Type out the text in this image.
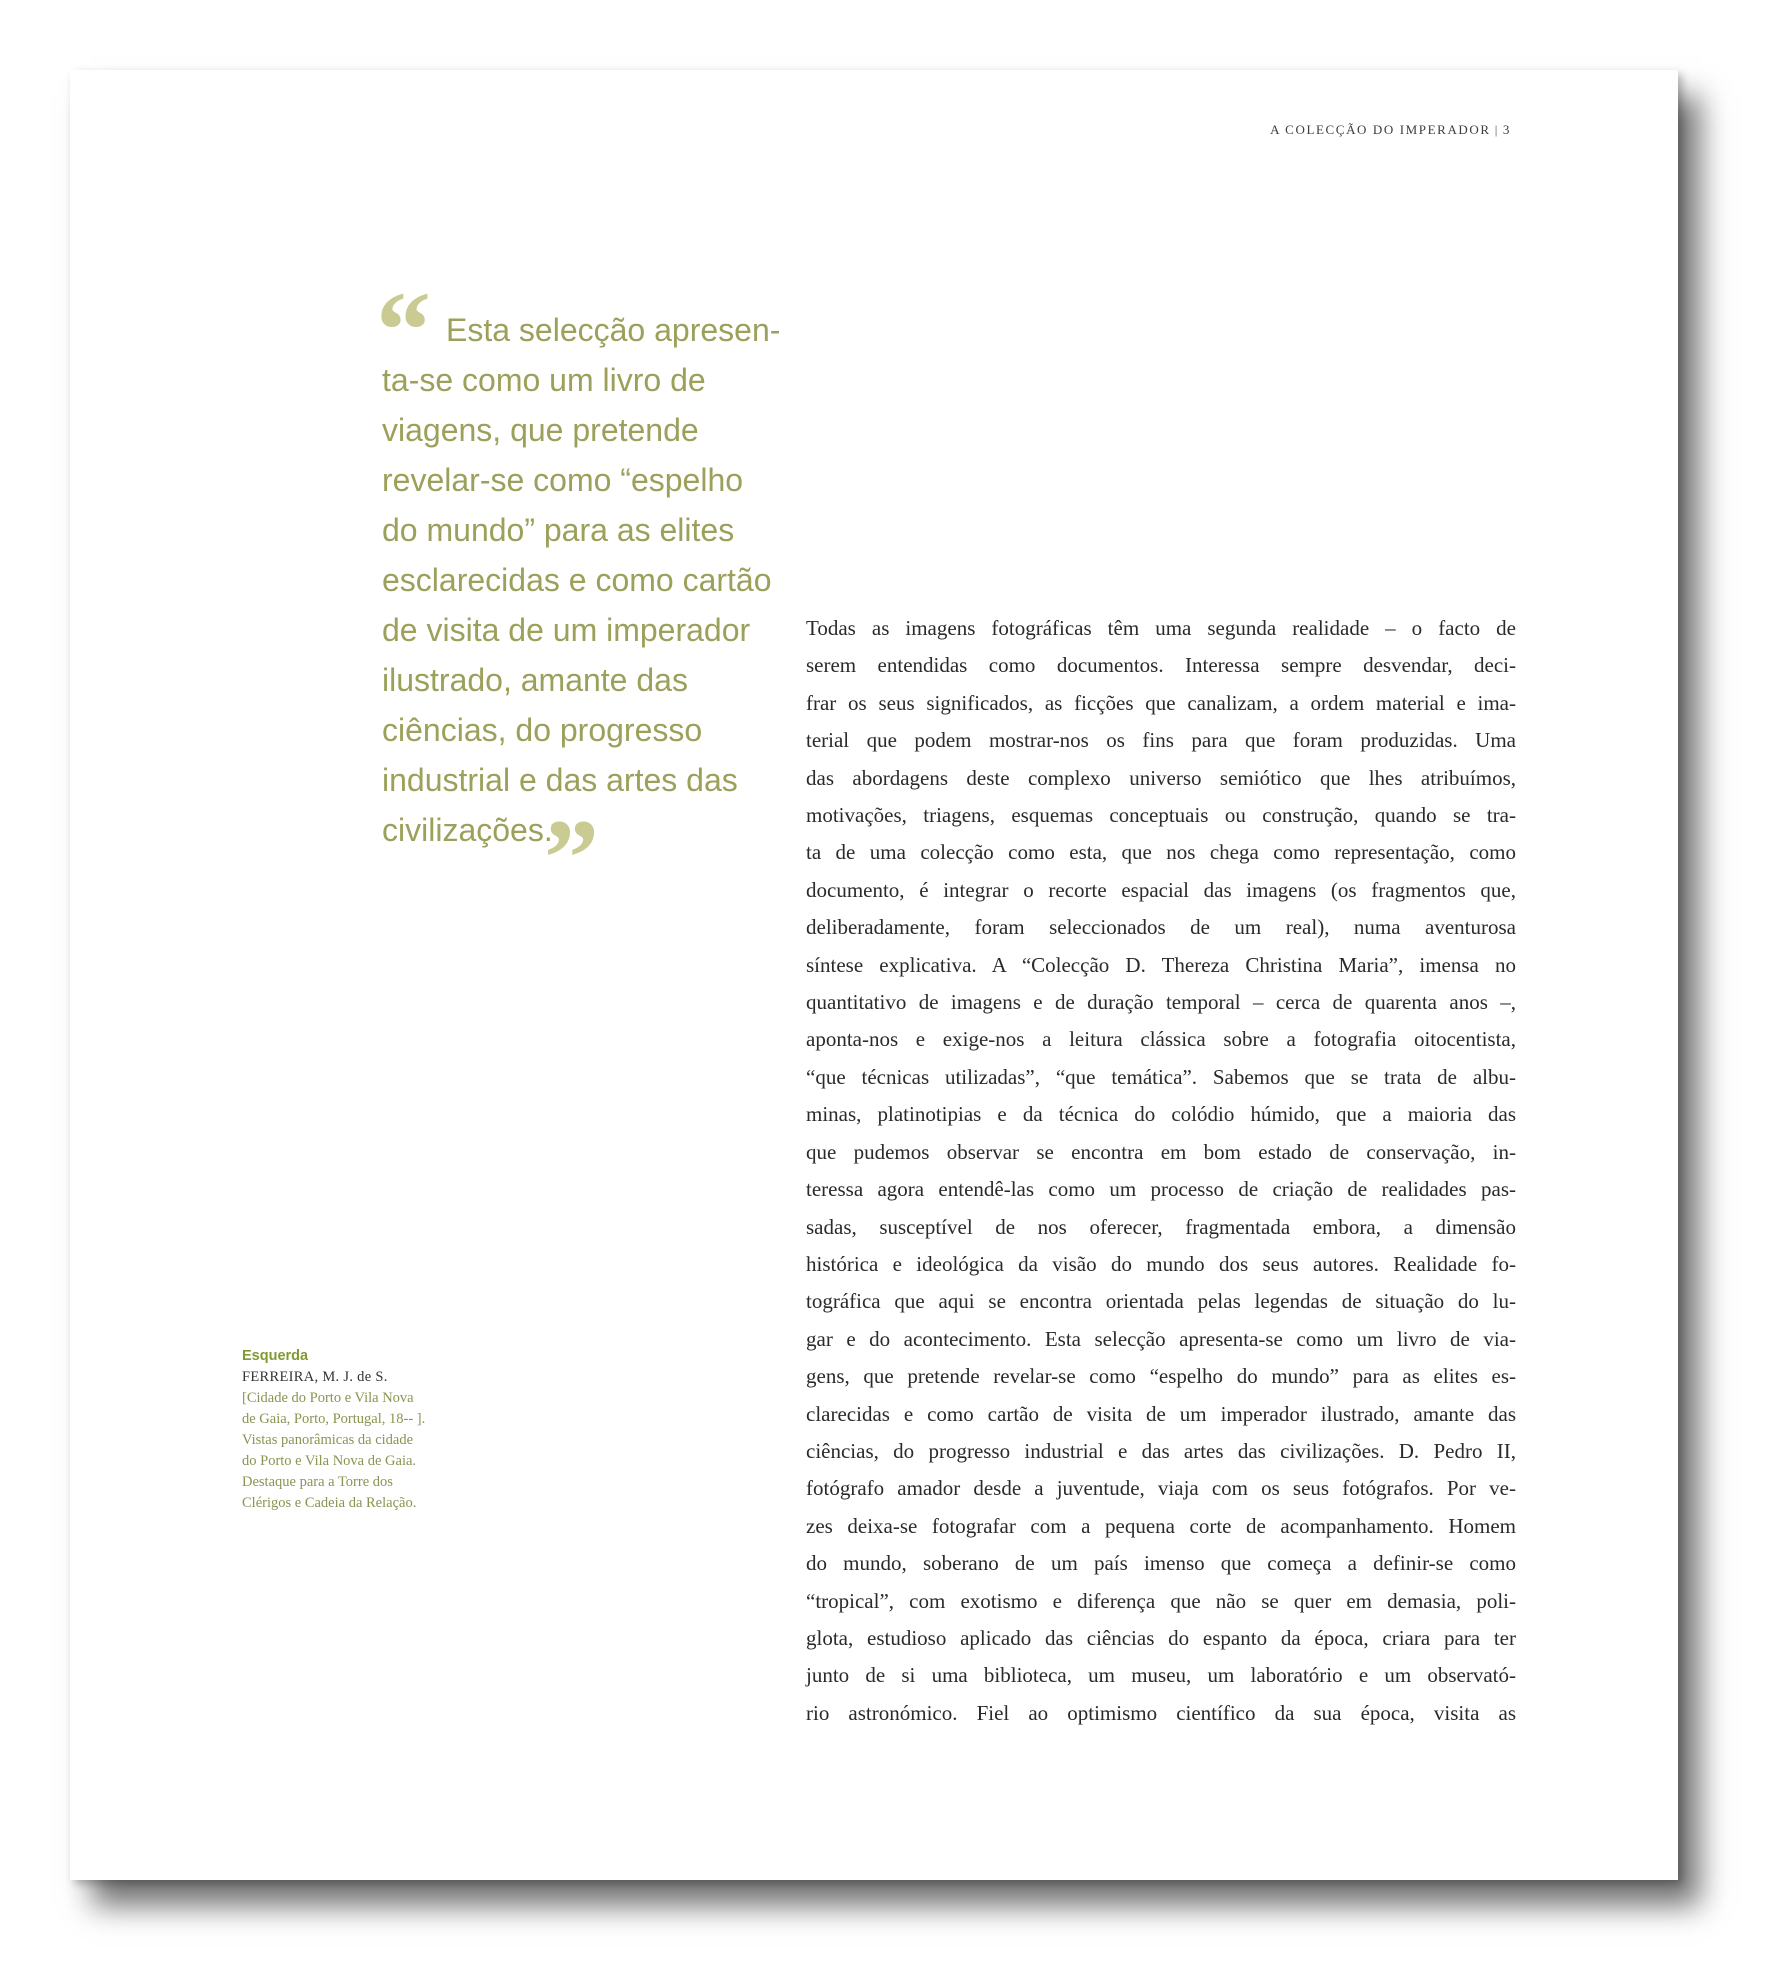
A COLECÇÃO DO IMPERADOR | 3
“ Esta selecção apresen-
ta-se como um livro de
viagens, que pretende
revelar-se como “espelho
do mundo” para as elites
esclarecidas e como cartão
de visita de um imperador
ilustrado, amante das
ciências, do progresso
industrial e das artes das
civilizações.
”
Esquerda
FERREIRA, M. J. de S.
[Cidade do Porto e Vila Nova
de Gaia, Porto, Portugal, 18-- ].
Vistas panorâmicas da cidade
do Porto e Vila Nova de Gaia.
Destaque para a Torre dos
Clérigos e Cadeia da Relação.
Todas as imagens fotográficas têm uma segunda realidade – o facto de
serem entendidas como documentos. Interessa sempre desvendar, deci-
frar os seus significados, as ficções que canalizam, a ordem material e ima-
terial que podem mostrar-nos os fins para que foram produzidas. Uma
das abordagens deste complexo universo semiótico que lhes atribuímos,
motivações, triagens, esquemas conceptuais ou construção, quando se tra-
ta de uma colecção como esta, que nos chega como representação, como
documento, é integrar o recorte espacial das imagens (os fragmentos que,
deliberadamente, foram seleccionados de um real), numa aventurosa
síntese explicativa. A “Colecção D. Thereza Christina Maria”, imensa no
quantitativo de imagens e de duração temporal – cerca de quarenta anos –,
aponta-nos e exige-nos a leitura clássica sobre a fotografia oitocentista,
“que técnicas utilizadas”, “que temática”. Sabemos que se trata de albu-
minas, platinotipias e da técnica do colódio húmido, que a maioria das
que pudemos observar se encontra em bom estado de conservação, in-
teressa agora entendê-las como um processo de criação de realidades pas-
sadas, susceptível de nos oferecer, fragmentada embora, a dimensão
histórica e ideológica da visão do mundo dos seus autores. Realidade fo-
tográfica que aqui se encontra orientada pelas legendas de situação do lu-
gar e do acontecimento. Esta selecção apresenta-se como um livro de via-
gens, que pretende revelar-se como “espelho do mundo” para as elites es-
clarecidas e como cartão de visita de um imperador ilustrado, amante das
ciências, do progresso industrial e das artes das civilizações. D. Pedro II,
fotógrafo amador desde a juventude, viaja com os seus fotógrafos. Por ve-
zes deixa-se fotografar com a pequena corte de acompanhamento. Homem
do mundo, soberano de um país imenso que começa a definir-se como
“tropical”, com exotismo e diferença que não se quer em demasia, poli-
glota, estudioso aplicado das ciências do espanto da época, criara para ter
junto de si uma biblioteca, um museu, um laboratório e um observató-
rio astronómico. Fiel ao optimismo científico da sua época, visita as
